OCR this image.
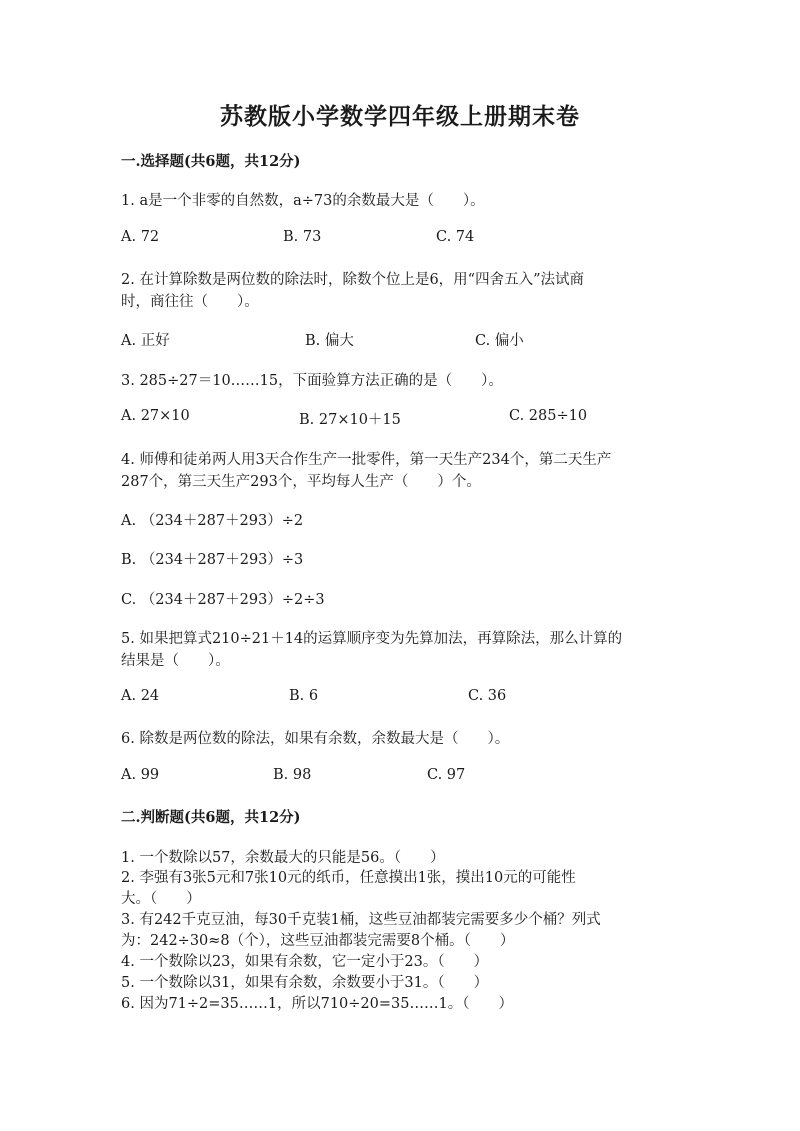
苏教版小学数学四年级上册期末卷
一.选择题(共6题，共12分)
1. a是一个非零的自然数，a÷73的余数最大是（　　）。
A. 72	B. 73	C. 74
2. 在计算除数是两位数的除法时，除数个位上是6，用“四舍五入”法试商
时，商往往（　　）。
A. 正好	B. 偏大	C. 偏小
3. 285÷27＝10……15，下面验算方法正确的是（　　）。
A. 27×10	B. 27×10＋15	C. 285÷10
4. 师傅和徒弟两人用3天合作生产一批零件，第一天生产234个，第二天生产
287个，第三天生产293个，平均每人生产（　　）个。
A. （234＋287＋293）÷2
B. （234＋287＋293）÷3
C. （234＋287＋293）÷2÷3
5. 如果把算式210÷21＋14的运算顺序变为先算加法，再算除法，那么计算的
结果是（　　）。
A. 24	B. 6	C. 36
6. 除数是两位数的除法，如果有余数，余数最大是（　　）。
A. 99	B. 98	C. 97
二.判断题(共6题，共12分)
1. 一个数除以57，余数最大的只能是56。（　　）
2. 李强有3张5元和7张10元的纸币，任意摸出1张，摸出10元的可能性
大。（　　）
3. 有242千克豆油，每30千克装1桶，这些豆油都装完需要多少个桶？列式
为：242÷30≈8（个），这些豆油都装完需要8个桶。（　　）
4. 一个数除以23，如果有余数，它一定小于23。（　　）
5. 一个数除以31，如果有余数，余数要小于31。（　　）
6. 因为71÷2=35……1，所以710÷20=35……1。（　　）
